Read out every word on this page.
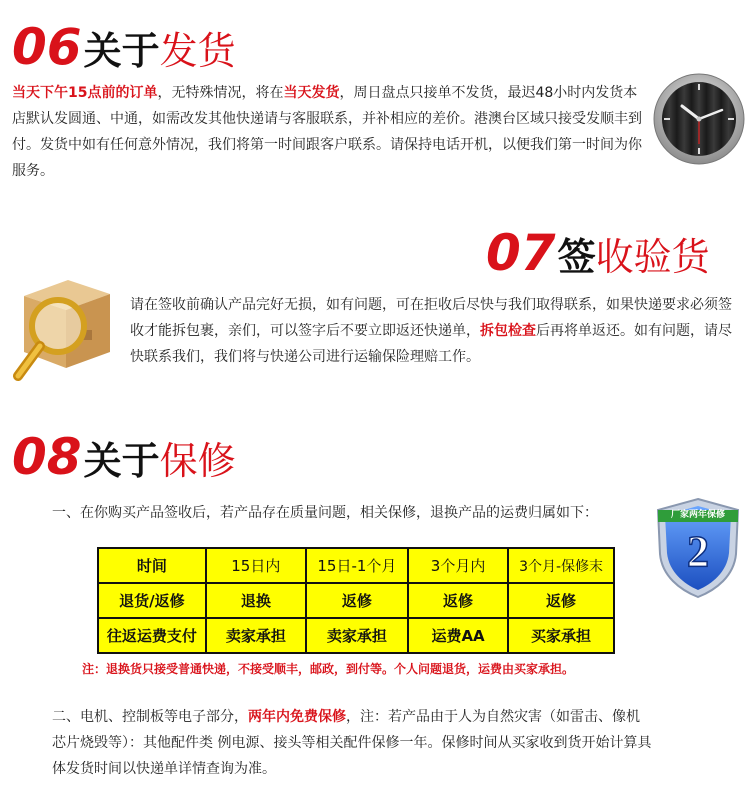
06关于发货
当天下午15点前的订单，无特殊情况，将在当天发货，周日盘点只接单不发货，最迟48小时内发货本店默认发圆通、中通，如需改发其他快递请与客服联系，并补相应的差价。港澳台区域只接受发顺丰到付。发货中如有任何意外情况，我们将第一时间跟客户联系。请保持电话开机，以便我们第一时间为你服务。
07签收验货
请在签收前确认产品完好无损，如有问题，可在拒收后尽快与我们取得联系，如果快递要求必须签收才能拆包裹，亲们，可以签字后不要立即返还快递单，拆包检查后再将单返还。如有问题，请尽快联系我们，我们将与快递公司进行运输保险理赔工作。
08关于保修
一、在你购买产品签收后，若产品存在质量问题，相关保修，退换产品的运费归属如下：
2
厂家两年保修
时间	15日内	15日-1个月	3个月内	3个月-保修末
退货/返修	退换	返修	返修	返修
往返运费支付	卖家承担	卖家承担	运费AA	买家承担
注：退换货只接受普通快递，不接受顺丰，邮政，到付等。个人问题退货，运费由买家承担。
二、电机、控制板等电子部分，两年内免费保修，注：若产品由于人为自然灾害（如雷击、像机芯片烧毁等）：其他配件类 例电源、接头等相关配件保修一年。保修时间从买家收到货开始计算具体发货时间以快递单详情查询为准。
